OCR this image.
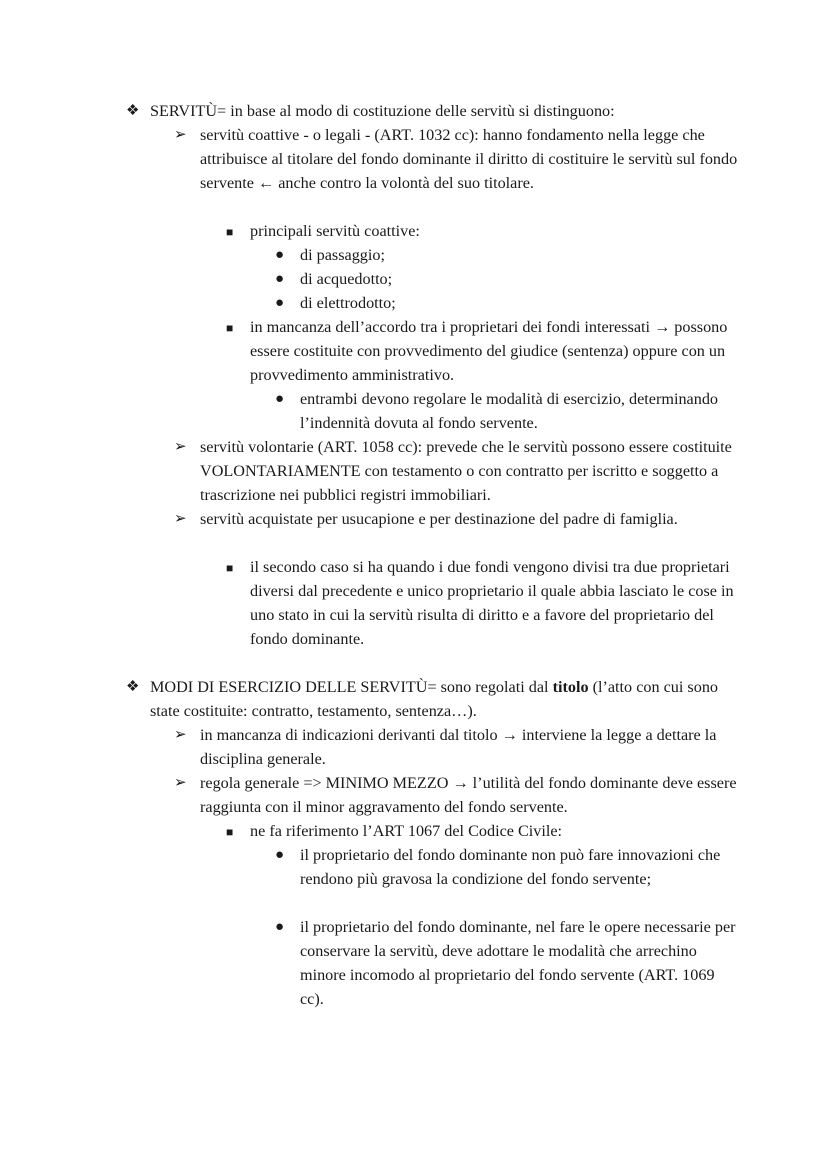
❖ SERVITÙ= in base al modo di costituzione delle servitù si distinguono:
➢ servitù coattive - o legali - (ART. 1032 cc): hanno fondamento nella legge che attribuisce al titolare del fondo dominante il diritto di costituire le servitù sul fondo servente ← anche contro la volontà del suo titolare.
■ principali servitù coattive:
● di passaggio;
● di acquedotto;
● di elettrodotto;
■ in mancanza dell’accordo tra i proprietari dei fondi interessati → possono essere costituite con provvedimento del giudice (sentenza) oppure con un provvedimento amministrativo.
● entrambi devono regolare le modalità di esercizio, determinando l’indennità dovuta al fondo servente.
➢ servitù volontarie (ART. 1058 cc): prevede che le servitù possono essere costituite VOLONTARIAMENTE con testamento o con contratto per iscritto e soggetto a trascrizione nei pubblici registri immobiliari.
➢ servitù acquistate per usucapione e per destinazione del padre di famiglia.
■ il secondo caso si ha quando i due fondi vengono divisi tra due proprietari diversi dal precedente e unico proprietario il quale abbia lasciato le cose in uno stato in cui la servitù risulta di diritto e a favore del proprietario del fondo dominante.
❖ MODI DI ESERCIZIO DELLE SERVITÙ= sono regolati dal titolo (l’atto con cui sono state costituite: contratto, testamento, sentenza…).
➢ in mancanza di indicazioni derivanti dal titolo → interviene la legge a dettare la disciplina generale.
➢ regola generale => MINIMO MEZZO → l’utilità del fondo dominante deve essere raggiunta con il minor aggravamento del fondo servente.
■ ne fa riferimento l’ART 1067 del Codice Civile:
● il proprietario del fondo dominante non può fare innovazioni che rendono più gravosa la condizione del fondo servente;
● il proprietario del fondo dominante, nel fare le opere necessarie per conservare la servitù, deve adottare le modalità che arrechino minore incomodo al proprietario del fondo servente (ART. 1069 cc).
